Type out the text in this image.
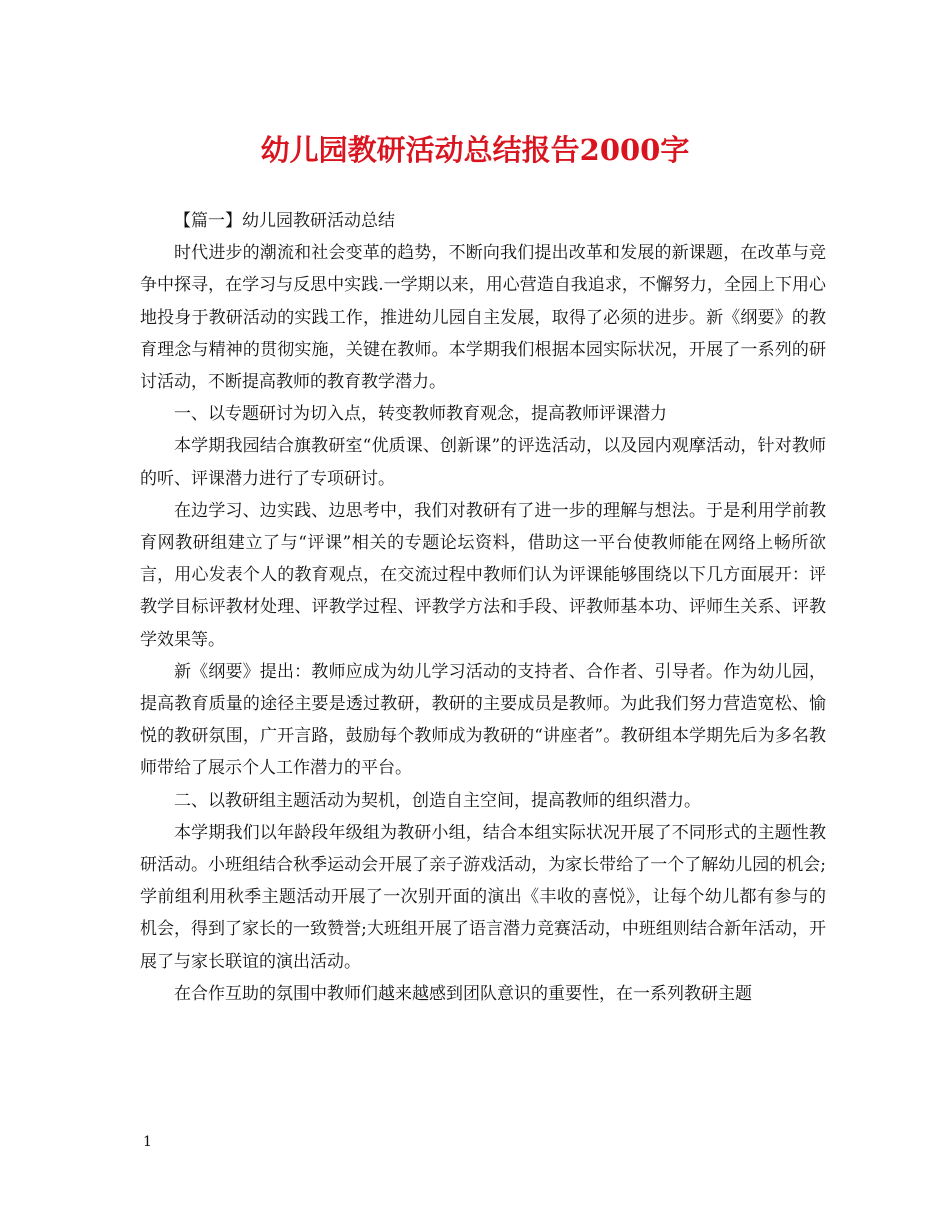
幼儿园教研活动总结报告2000字

【篇一】幼儿园教研活动总结

时代进步的潮流和社会变革的趋势，不断向我们提出改革和发展的新课题，在改革与竞争中探寻，在学习与反思中实践.一学期以来，用心营造自我追求，不懈努力，全园上下用心地投身于教研活动的实践工作，推进幼儿园自主发展，取得了必须的进步。新《纲要》的教育理念与精神的贯彻实施，关键在教师。本学期我们根据本园实际状况，开展了一系列的研讨活动，不断提高教师的教育教学潜力。

一、以专题研讨为切入点，转变教师教育观念，提高教师评课潜力

本学期我园结合旗教研室“优质课、创新课”的评选活动，以及园内观摩活动，针对教师的听、评课潜力进行了专项研讨。

在边学习、边实践、边思考中，我们对教研有了进一步的理解与想法。于是利用学前教育网教研组建立了与“评课”相关的专题论坛资料，借助这一平台使教师能在网络上畅所欲言，用心发表个人的教育观点，在交流过程中教师们认为评课能够围绕以下几方面展开：评教学目标评教材处理、评教学过程、评教学方法和手段、评教师基本功、评师生关系、评教学效果等。

新《纲要》提出：教师应成为幼儿学习活动的支持者、合作者、引导者。作为幼儿园，提高教育质量的途径主要是透过教研，教研的主要成员是教师。为此我们努力营造宽松、愉悦的教研氛围，广开言路，鼓励每个教师成为教研的“讲座者”。教研组本学期先后为多名教师带给了展示个人工作潜力的平台。

二、以教研组主题活动为契机，创造自主空间，提高教师的组织潜力。

本学期我们以年龄段年级组为教研小组，结合本组实际状况开展了不同形式的主题性教研活动。小班组结合秋季运动会开展了亲子游戏活动，为家长带给了一个了解幼儿园的机会;学前组利用秋季主题活动开展了一次别开面的演出《丰收的喜悦》，让每个幼儿都有参与的机会，得到了家长的一致赞誉;大班组开展了语言潜力竞赛活动，中班组则结合新年活动，开展了与家长联谊的演出活动。

在合作互助的氛围中教师们越来越感到团队意识的重要性，在一系列教研主题

1
